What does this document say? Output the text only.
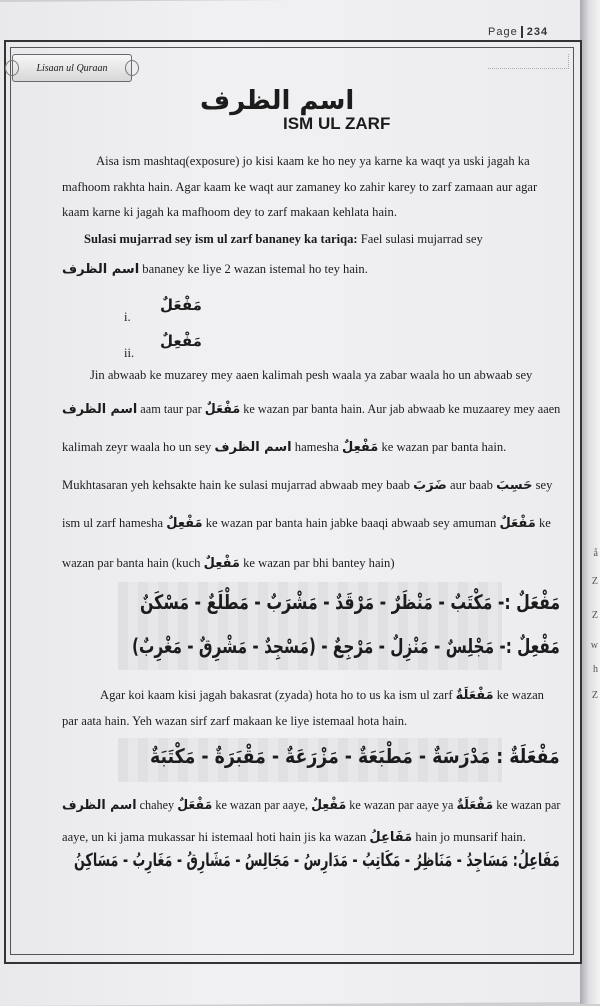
å
Z
Z
w
h
Z
Page 234
Lisaan ul Quraan
اسم الظرف
ISM UL ZARF
Aisa ism mashtaq(exposure) jo kisi kaam ke ho ney ya karne ka waqt ya uski jagah ka
mafhoom rakhta hain. Agar kaam ke waqt aur zamaney ko zahir karey to zarf zamaan aur agar
kaam karne ki jagah ka mafhoom dey to zarf makaan kehlata hain.
Sulasi mujarrad sey ism ul zarf bananey ka tariqa: Fael sulasi mujarrad sey
اسم الظرف bananey ke liye 2 wazan istemal ho tey hain.
i.
مَفْعَلٌ
ii.
مَفْعِلٌ
Jin abwaab ke muzarey mey aaen kalimah pesh waala ya zabar waala ho un abwaab sey
اسم الظرف aam taur par مَفْعَلٌ ke wazan par banta hain. Aur jab abwaab ke muzaarey mey aaen
kalimah zeyr waala ho un sey اسم الظرف hamesha مَفْعِلٌ ke wazan par banta hain.
Mukhtasaran yeh kehsakte hain ke sulasi mujarrad abwaab mey baab ضَرَبَ aur baab حَسِبَ sey
ism ul zarf hamesha مَفْعِلٌ ke wazan par banta hain jabke baaqi abwaab sey amuman مَفْعَلٌ ke
wazan par banta hain (kuch مَفْعِلٌ ke wazan par bhi bantey hain)
مَفْعَلٌ :- مَكْتَبٌ - مَنْظَرٌ - مَرْقَدٌ - مَشْرَبٌ - مَطْلَعٌ - مَسْكَنٌ
مَفْعِلٌ :- مَجْلِسٌ - مَنْزِلٌ - مَرْجِعٌ - (مَسْجِدٌ - مَشْرِقٌ - مَغْرِبٌ)
Agar koi kaam kisi jagah bakasrat (zyada) hota ho to us ka ism ul zarf مَفْعَلَةٌ ke wazan
par aata hain. Yeh wazan sirf zarf makaan ke liye istemaal hota hain.
مَفْعَلَةٌ : مَدْرَسَةٌ - مَطْبَعَةٌ - مَزْرَعَةٌ - مَقْبَرَةٌ - مَكْتَبَةٌ
اسم الظرف chahey مَفْعَلٌ ke wazan par aaye, مَفْعِلٌ ke wazan par aaye ya مَفْعَلَةٌ ke wazan par
aaye, un ki jama mukassar hi istemaal hoti hain jis ka wazan مَفَاعِلُ hain jo munsarif hain.
مَفَاعِلُ: مَسَاجِدُ - مَنَاظِرُ - مَكَاتِبُ - مَدَارِسُ - مَجَالِسُ - مَشَارِقُ - مَغَارِبُ - مَسَاكِنُ
